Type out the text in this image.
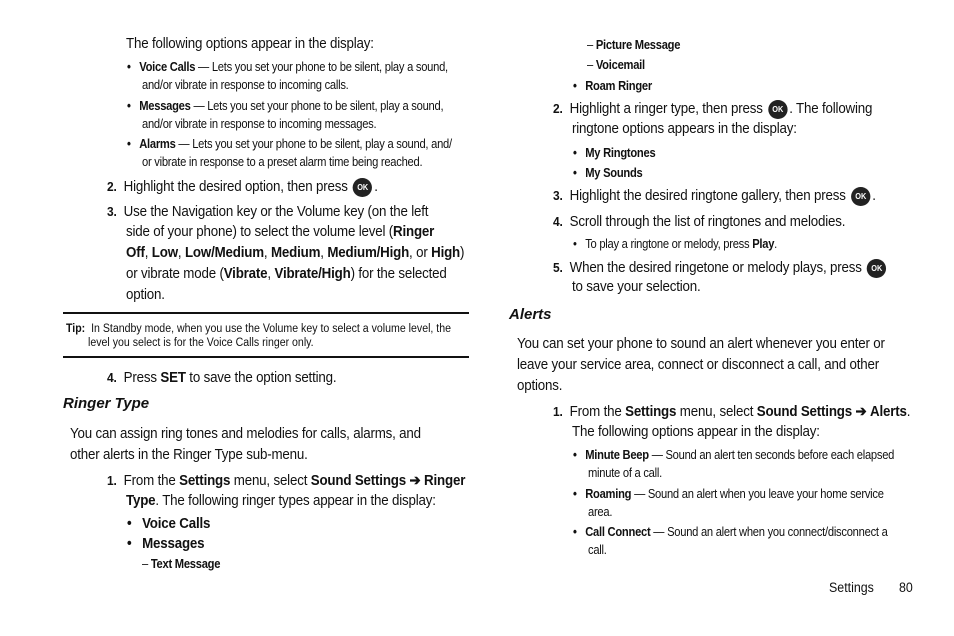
The following options appear in the display:
• Voice Calls — Lets you set your phone to be silent, play a sound,
and/or vibrate in response to incoming calls.
• Messages — Lets you set your phone to be silent, play a sound,
and/or vibrate in response to incoming messages.
• Alarms — Lets you set your phone to be silent, play a sound, and/
or vibrate in response to a preset alarm time being reached.
2. Highlight the desired option, then press OK .
3. Use the Navigation key or the Volume key (on the left
side of your phone) to select the volume level (Ringer
Off, Low, Low/Medium, Medium, Medium/High, or High)
or vibrate mode (Vibrate, Vibrate/High) for the selected
option.
Tip: In Standby mode, when you use the Volume key to select a volume level, the
level you select is for the Voice Calls ringer only.
4. Press SET to save the option setting.
Ringer Type
You can assign ring tones and melodies for calls, alarms, and
other alerts in the Ringer Type sub-menu.
1. From the Settings menu, select Sound Settings ➔ Ringer
Type. The following ringer types appear in the display:
• Voice Calls
• Messages
– Text Message
– Picture Message
– Voicemail
• Roam Ringer
2. Highlight a ringer type, then press OK . The following
ringtone options appears in the display:
• My Ringtones
• My Sounds
3. Highlight the desired ringtone gallery, then press OK .
4. Scroll through the list of ringtones and melodies.
•   To play a ringtone or melody, press Play.
5. When the desired ringetone or melody plays, press OK
to save your selection.
Alerts
You can set your phone to sound an alert whenever you enter or
leave your service area, connect or disconnect a call, and other
options.
1. From the Settings menu, select Sound Settings ➔ Alerts.
The following options appear in the display:
• Minute Beep — Sound an alert ten seconds before each elapsed
minute of a call.
• Roaming — Sound an alert when you leave your home service
area.
• Call Connect — Sound an alert when you connect/disconnect a
call.
Settings 80
